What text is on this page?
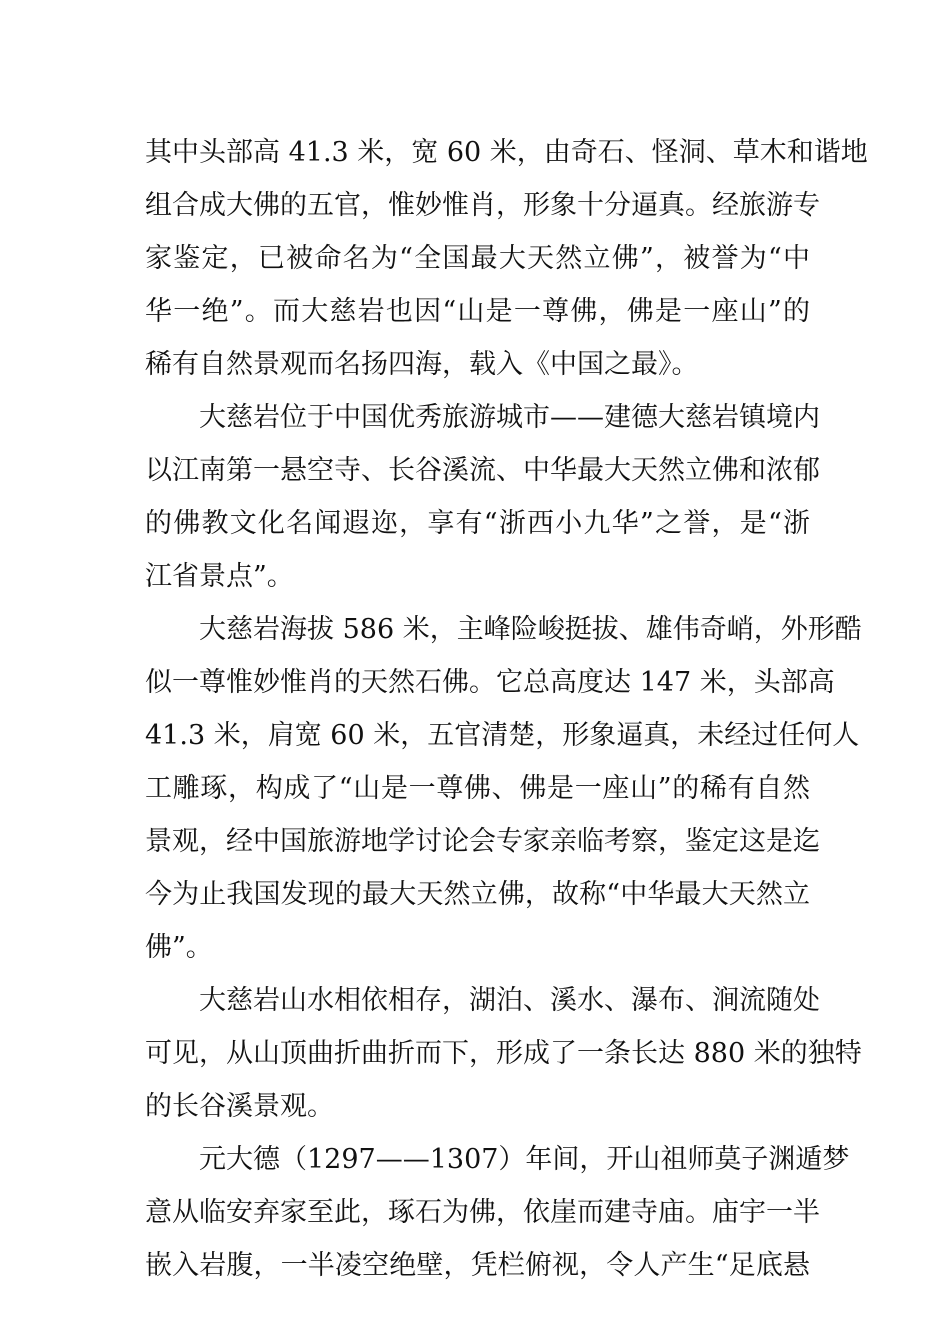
其中头部高 41.3 米，宽 60 米，由奇石、怪洞、草木和谐地
组合成大佛的五官，惟妙惟肖，形象十分逼真。经旅游专
家鉴定，已被命名为“全国最大天然立佛”，被誉为“中
华一绝”。而大慈岩也因“山是一尊佛，佛是一座山”的
稀有自然景观而名扬四海，载入《中国之最》。
大慈岩位于中国优秀旅游城市——建德大慈岩镇境内
以江南第一悬空寺、长谷溪流、中华最大天然立佛和浓郁
的佛教文化名闻遐迩，享有“浙西小九华”之誉，是“浙
江省景点”。
大慈岩海拔 586 米，主峰险峻挺拔、雄伟奇峭，外形酷
似一尊惟妙惟肖的天然石佛。它总高度达 147 米，头部高
41.3 米，肩宽 60 米，五官清楚，形象逼真，未经过任何人
工雕琢，构成了“山是一尊佛、佛是一座山”的稀有自然
景观，经中国旅游地学讨论会专家亲临考察，鉴定这是迄
今为止我国发现的最大天然立佛，故称“中华最大天然立
佛”。
大慈岩山水相依相存，湖泊、溪水、瀑布、涧流随处
可见，从山顶曲折曲折而下，形成了一条长达 880 米的独特
的长谷溪景观。
元大德（1297——1307）年间，开山祖师莫子渊遁梦
意从临安弃家至此，琢石为佛，依崖而建寺庙。庙宇一半
嵌入岩腹，一半凌空绝壁，凭栏俯视，令人产生“足底悬
